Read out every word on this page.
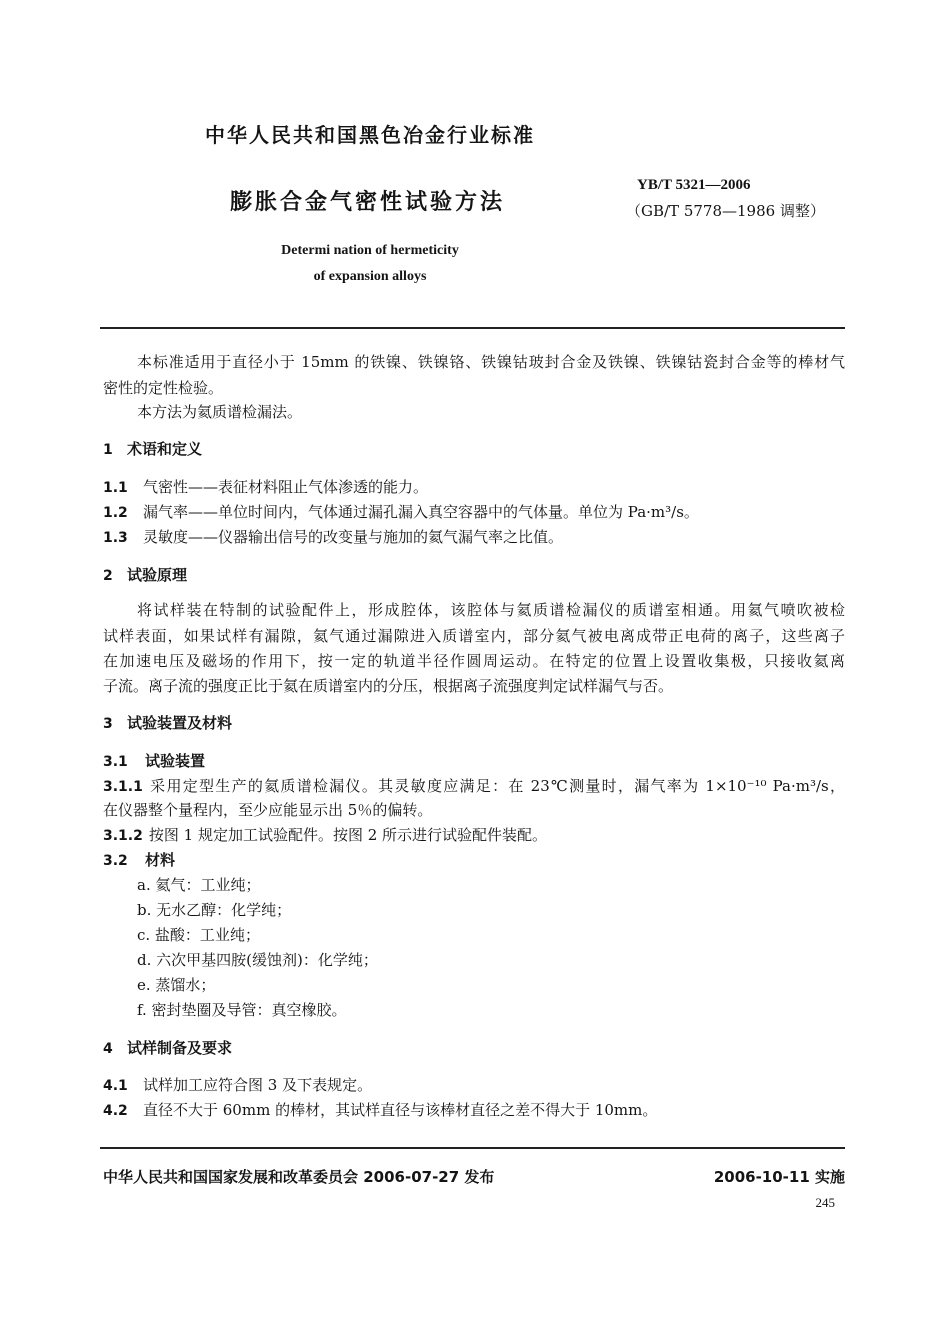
中华人民共和国黑色冶金行业标准
膨胀合金气密性试验方法
YB/T 5321—2006
（GB/T 5778—1986 调整）
Determi nation of hermeticity
of expansion alloys
本标准适用于直径小于 15mm 的铁镍、铁镍铬、铁镍钴玻封合金及铁镍、铁镍钴瓷封合金等的棒材气
密性的定性检验。
本方法为氦质谱检漏法。
1 术语和定义
1.1 气密性——表征材料阻止气体渗透的能力。
1.2 漏气率——单位时间内，气体通过漏孔漏入真空容器中的气体量。单位为 Pa·m³/s。
1.3 灵敏度——仪器输出信号的改变量与施加的氦气漏气率之比值。
2 试验原理
将试样装在特制的试验配件上，形成腔体，该腔体与氦质谱检漏仪的质谱室相通。用氦气喷吹被检
试样表面，如果试样有漏隙，氦气通过漏隙进入质谱室内，部分氦气被电离成带正电荷的离子，这些离子
在加速电压及磁场的作用下，按一定的轨道半径作圆周运动。在特定的位置上设置收集极，只接收氦离
子流。离子流的强度正比于氦在质谱室内的分压，根据离子流强度判定试样漏气与否。
3 试验装置及材料
3.1 试验装置
3.1.1 采用定型生产的氦质谱检漏仪。其灵敏度应满足：在 23℃测量时，漏气率为 1×10⁻¹⁰ Pa·m³/s，
在仪器整个量程内，至少应能显示出 5％的偏转。
3.1.2 按图 1 规定加工试验配件。按图 2 所示进行试验配件装配。
3.2 材料
a. 氦气：工业纯；
b. 无水乙醇：化学纯；
c. 盐酸：工业纯；
d. 六次甲基四胺(缓蚀剂)：化学纯；
e. 蒸馏水；
f. 密封垫圈及导管：真空橡胶。
4 试样制备及要求
4.1 试样加工应符合图 3 及下表规定。
4.2 直径不大于 60mm 的棒材，其试样直径与该棒材直径之差不得大于 10mm。
中华人民共和国国家发展和改革委员会 2006-07-27 发布	2006-10-11 实施
245
